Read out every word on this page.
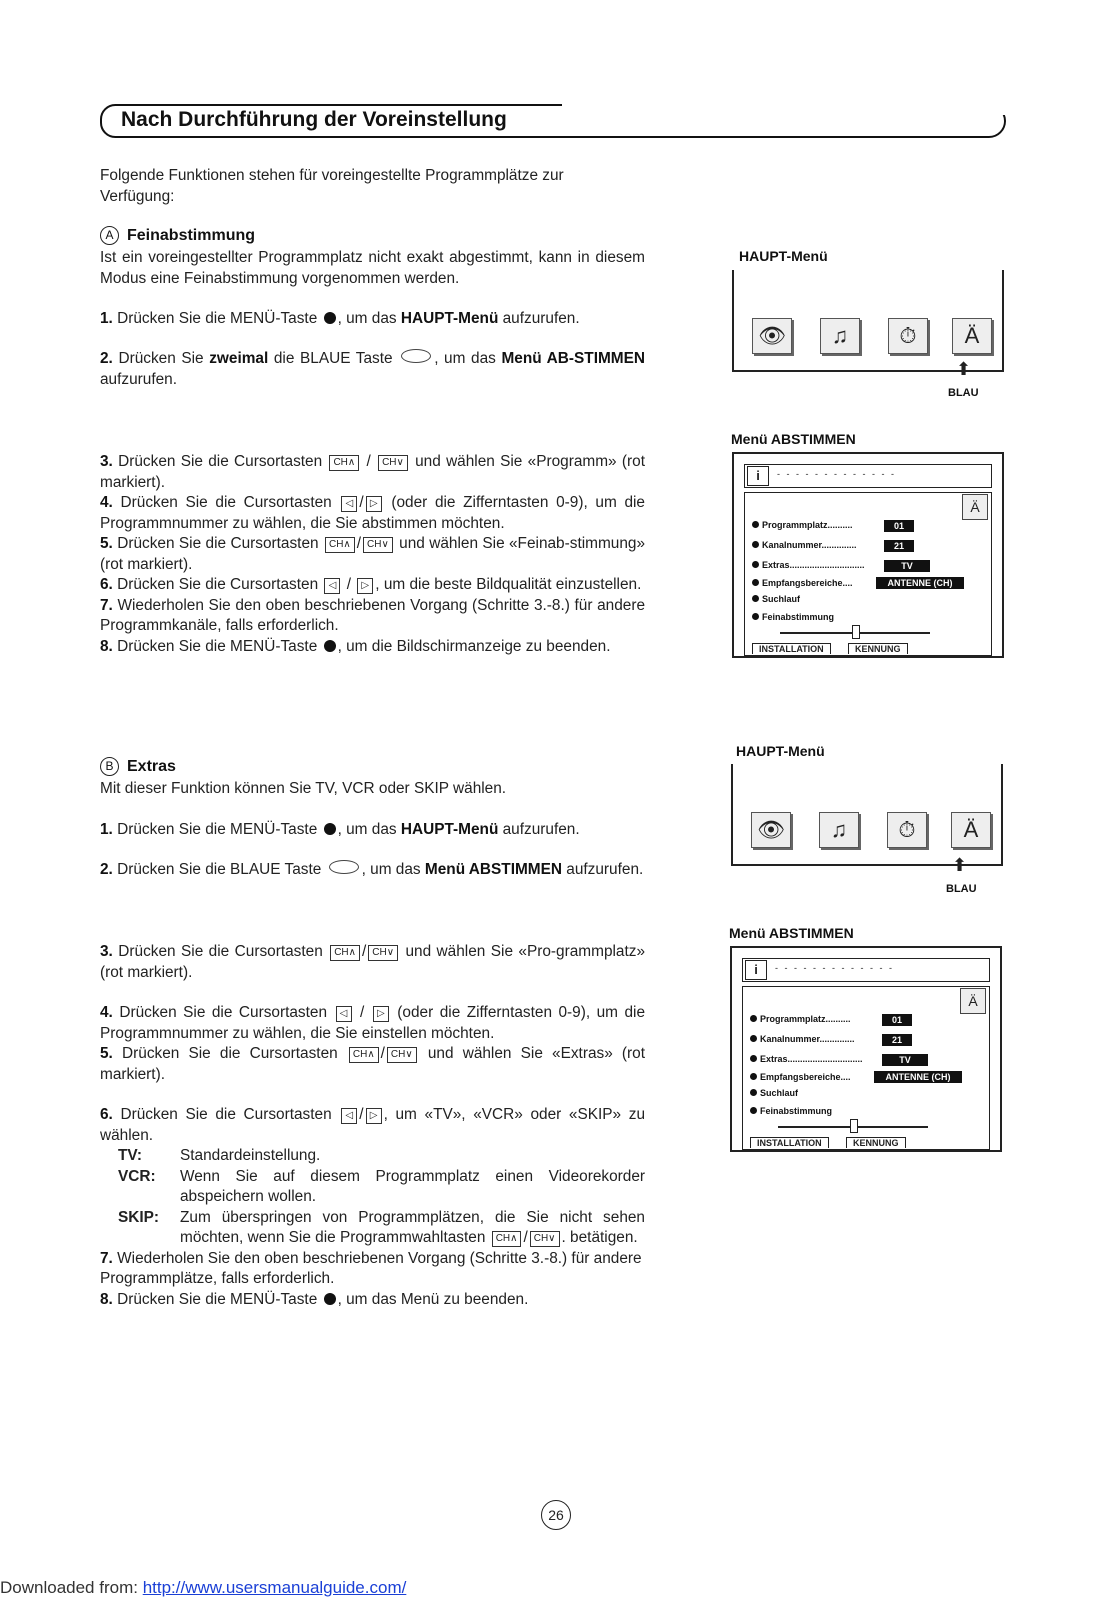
Nach Durchführung der Voreinstellung
Folgende Funktionen stehen für voreingestellte Programmplätze zur Verfügung:
A Feinabstimmung
Ist ein voreingestellter Programmplatz nicht exakt abgestimmt, kann in diesem Modus eine Feinabstimmung vorgenommen werden.
1. Drücken Sie die MENÜ-Taste , um das HAUPT-Menü aufzurufen.
2. Drücken Sie zweimal die BLAUE Taste	, um das Menü AB-STIMMEN aufzurufen.
3. Drücken Sie die Cursortasten CH∧ / CH∨ und wählen Sie «Programm» (rot markiert).
4. Drücken Sie die Cursortasten ◁ / ▷ (oder die Zifferntasten 0-9), um die Programmnummer zu wählen, die Sie abstimmen möchten.
5. Drücken Sie die Cursortasten CH∧ / CH∨ und wählen Sie «Feinab-stimmung» (rot markiert).
6. Drücken Sie die Cursortasten ◁ / ▷ , um die beste Bildqualität einzustellen.
7. Wiederholen Sie den oben beschriebenen Vorgang (Schritte 3.-8.) für andere Programmkanäle, falls erforderlich.
8. Drücken Sie die MENÜ-Taste , um die Bildschirmanzeige zu beenden.
B Extras
Mit dieser Funktion können Sie TV, VCR oder SKIP wählen.
1. Drücken Sie die MENÜ-Taste , um das HAUPT-Menü aufzurufen.
2. Drücken Sie die BLAUE Taste	, um das Menü ABSTIMMEN aufzurufen.
3. Drücken Sie die Cursortasten CH∧ / CH∨ und wählen Sie «Pro-grammplatz» (rot markiert).
4. Drücken Sie die Cursortasten ◁ / ▷ (oder die Zifferntasten 0-9), um die Programmnummer zu wählen, die Sie einstellen möchten.
5. Drücken Sie die Cursortasten CH∧ / CH∨ und wählen Sie «Extras» (rot markiert).
6. Drücken Sie die Cursortasten ◁ / ▷ , um «TV», «VCR» oder «SKIP» zu wählen.
TV:	Standardeinstellung.
VCR:	Wenn Sie auf diesem Programmplatz einen Videorekorder abspeichern wollen.
SKIP:	Zum überspringen von Programmplätzen, die Sie nicht sehen möchten, wenn Sie die Programmwahltasten CH∧ / CH∨ . betätigen.
7. Wiederholen Sie den oben beschriebenen Vorgang (Schritte 3.-8.) für andere Programmplätze, falls erforderlich.
8. Drücken Sie die MENÜ-Taste , um das Menü zu beenden.
HAUPT-Menü
👁	♫	⏱	Ä
⬆
BLAU
Menü ABSTIMMEN
i	- - - - - - - - - - - - -
Ä
Programmplatz..........	01
Kanalnummer..............	21
Extras..............................	TV
Empfangsbereiche....	ANTENNE (CH)
Suchlauf
Feinabstimmung
INSTALLATION	KENNUNG
HAUPT-Menü
👁	♫	⏱	Ä
⬆
BLAU
Menü ABSTIMMEN
i	- - - - - - - - - - - - -
Ä
Programmplatz..........	01
Kanalnummer..............	21
Extras..............................	TV
Empfangsbereiche....	ANTENNE (CH)
Suchlauf
Feinabstimmung
INSTALLATION	KENNUNG
26
Downloaded from: http://www.usersmanualguide.com/
